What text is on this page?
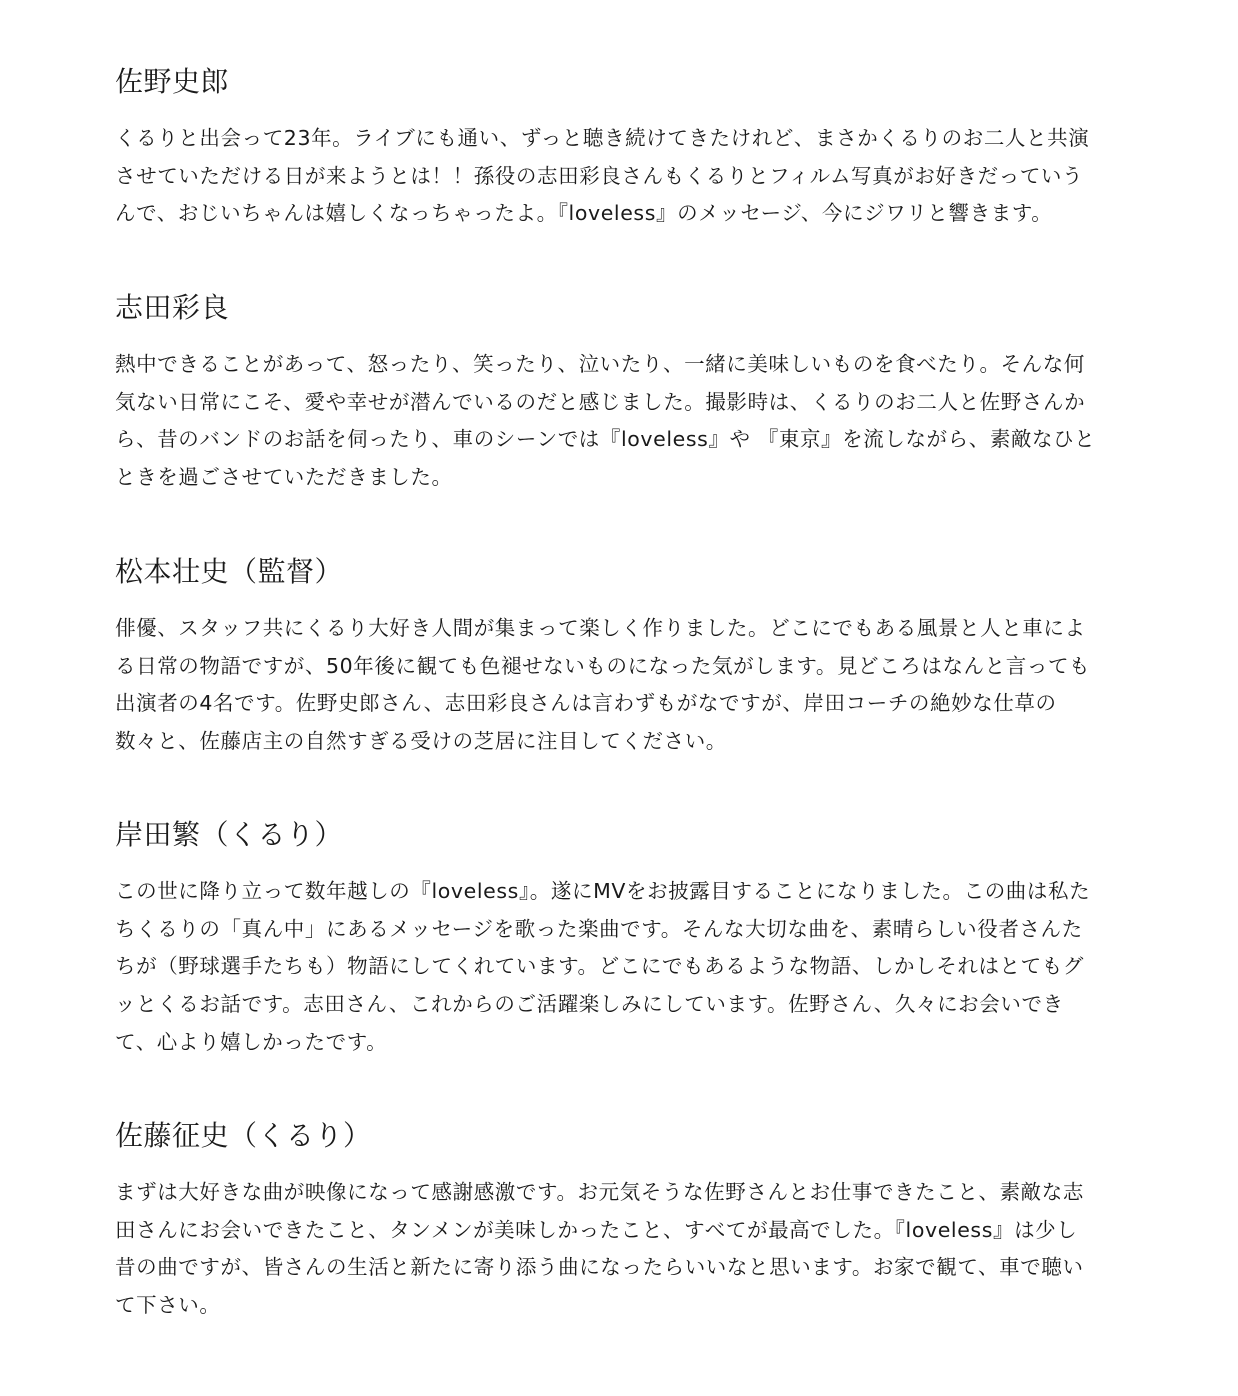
佐野史郎

くるりと出会って23年。ライブにも通い、ずっと聴き続けてきたけれど、まさかくるりのお二人と共演
させていただける日が来ようとは！！孫役の志田彩良さんもくるりとフィルム写真がお好きだっていう
んで、おじいちゃんは嬉しくなっちゃったよ。『loveless』のメッセージ、今にジワリと響きます。

志田彩良

熱中できることがあって、怒ったり、笑ったり、泣いたり、一緒に美味しいものを食べたり。そんな何
気ない日常にこそ、愛や幸せが潜んでいるのだと感じました。撮影時は、くるりのお二人と佐野さんか
ら、昔のバンドのお話を伺ったり、車のシーンでは『loveless』や 『東京』を流しながら、素敵なひと
ときを過ごさせていただきました。

松本壮史（監督）

俳優、スタッフ共にくるり大好き人間が集まって楽しく作りました。どこにでもある風景と人と車によ
る日常の物語ですが、50年後に観ても色褪せないものになった気がします。見どころはなんと言っても
出演者の4名です。佐野史郎さん、志田彩良さんは言わずもがなですが、岸田コーチの絶妙な仕草の
数々と、佐藤店主の自然すぎる受けの芝居に注目してください。

岸田繁（くるり）

この世に降り立って数年越しの『loveless』。遂にMVをお披露目することになりました。この曲は私た
ちくるりの「真ん中」にあるメッセージを歌った楽曲です。そんな大切な曲を、素晴らしい役者さんた
ちが（野球選手たちも）物語にしてくれています。どこにでもあるような物語、しかしそれはとてもグ
ッとくるお話です。志田さん、これからのご活躍楽しみにしています。佐野さん、久々にお会いでき
て、心より嬉しかったです。

佐藤征史（くるり）

まずは大好きな曲が映像になって感謝感激です。お元気そうな佐野さんとお仕事できたこと、素敵な志
田さんにお会いできたこと、タンメンが美味しかったこと、すべてが最高でした。『loveless』は少し
昔の曲ですが、皆さんの生活と新たに寄り添う曲になったらいいなと思います。お家で観て、車で聴い
て下さい。
